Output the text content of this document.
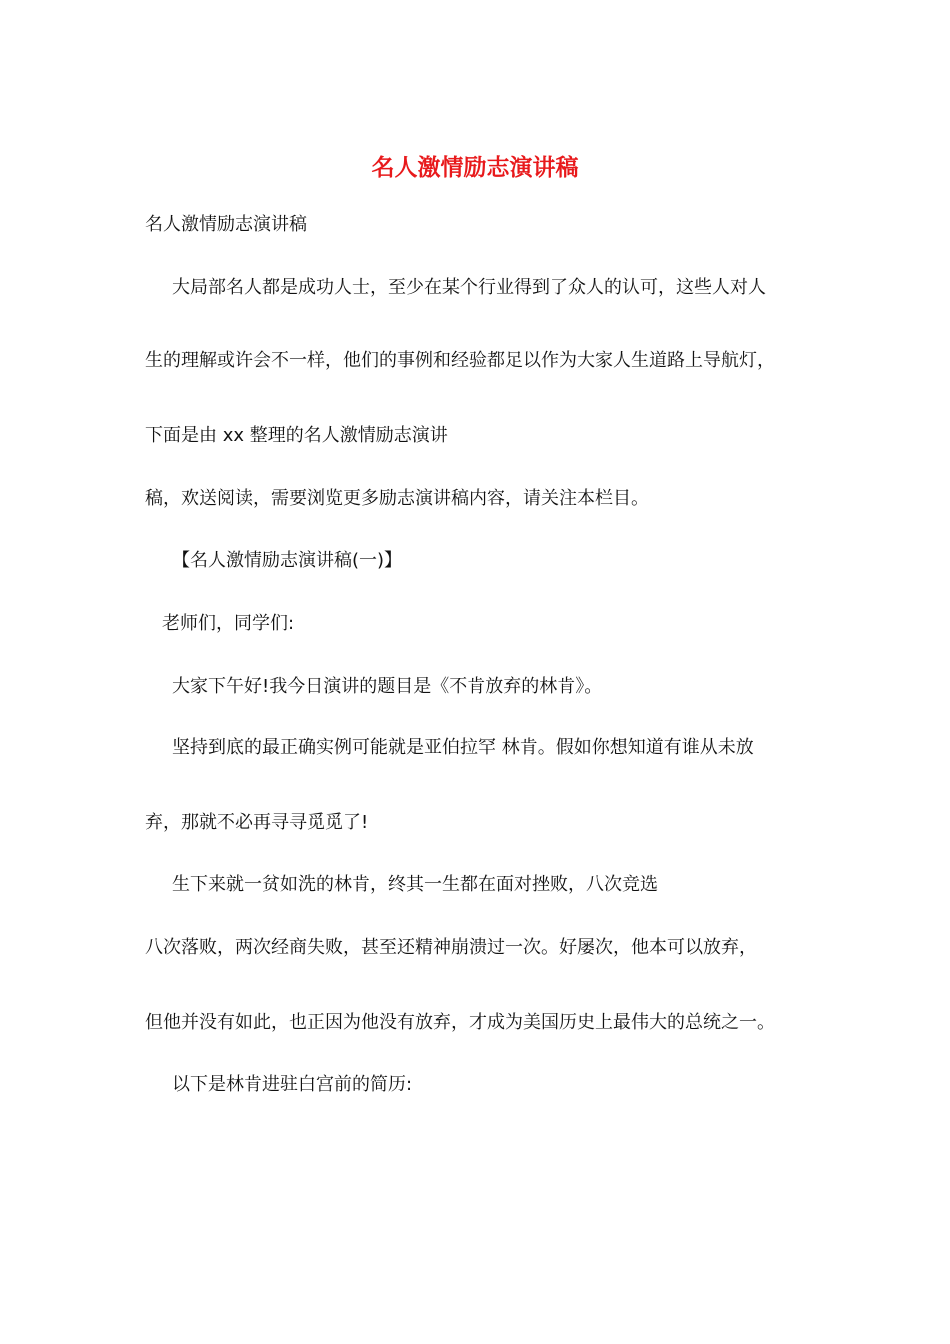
名人激情励志演讲稿

名人激情励志演讲稿

大局部名人都是成功人士，至少在某个行业得到了众人的认可，这些人对人

生的理解或许会不一样，他们的事例和经验都足以作为大家人生道路上导航灯，

下面是由 xx 整理的名人激情励志演讲

稿，欢送阅读，需要浏览更多励志演讲稿内容，请关注本栏目。

【名人激情励志演讲稿(一)】

老师们，同学们:

大家下午好!我今日演讲的题目是《不肯放弃的林肯》。

坚持到底的最正确实例可能就是亚伯拉罕 林肯。假如你想知道有谁从未放

弃，那就不必再寻寻觅觅了!

生下来就一贫如洗的林肯，终其一生都在面对挫败，八次竞选

八次落败，两次经商失败，甚至还精神崩溃过一次。好屡次，他本可以放弃，

但他并没有如此，也正因为他没有放弃，才成为美国历史上最伟大的总统之一。

以下是林肯进驻白宫前的简历:
